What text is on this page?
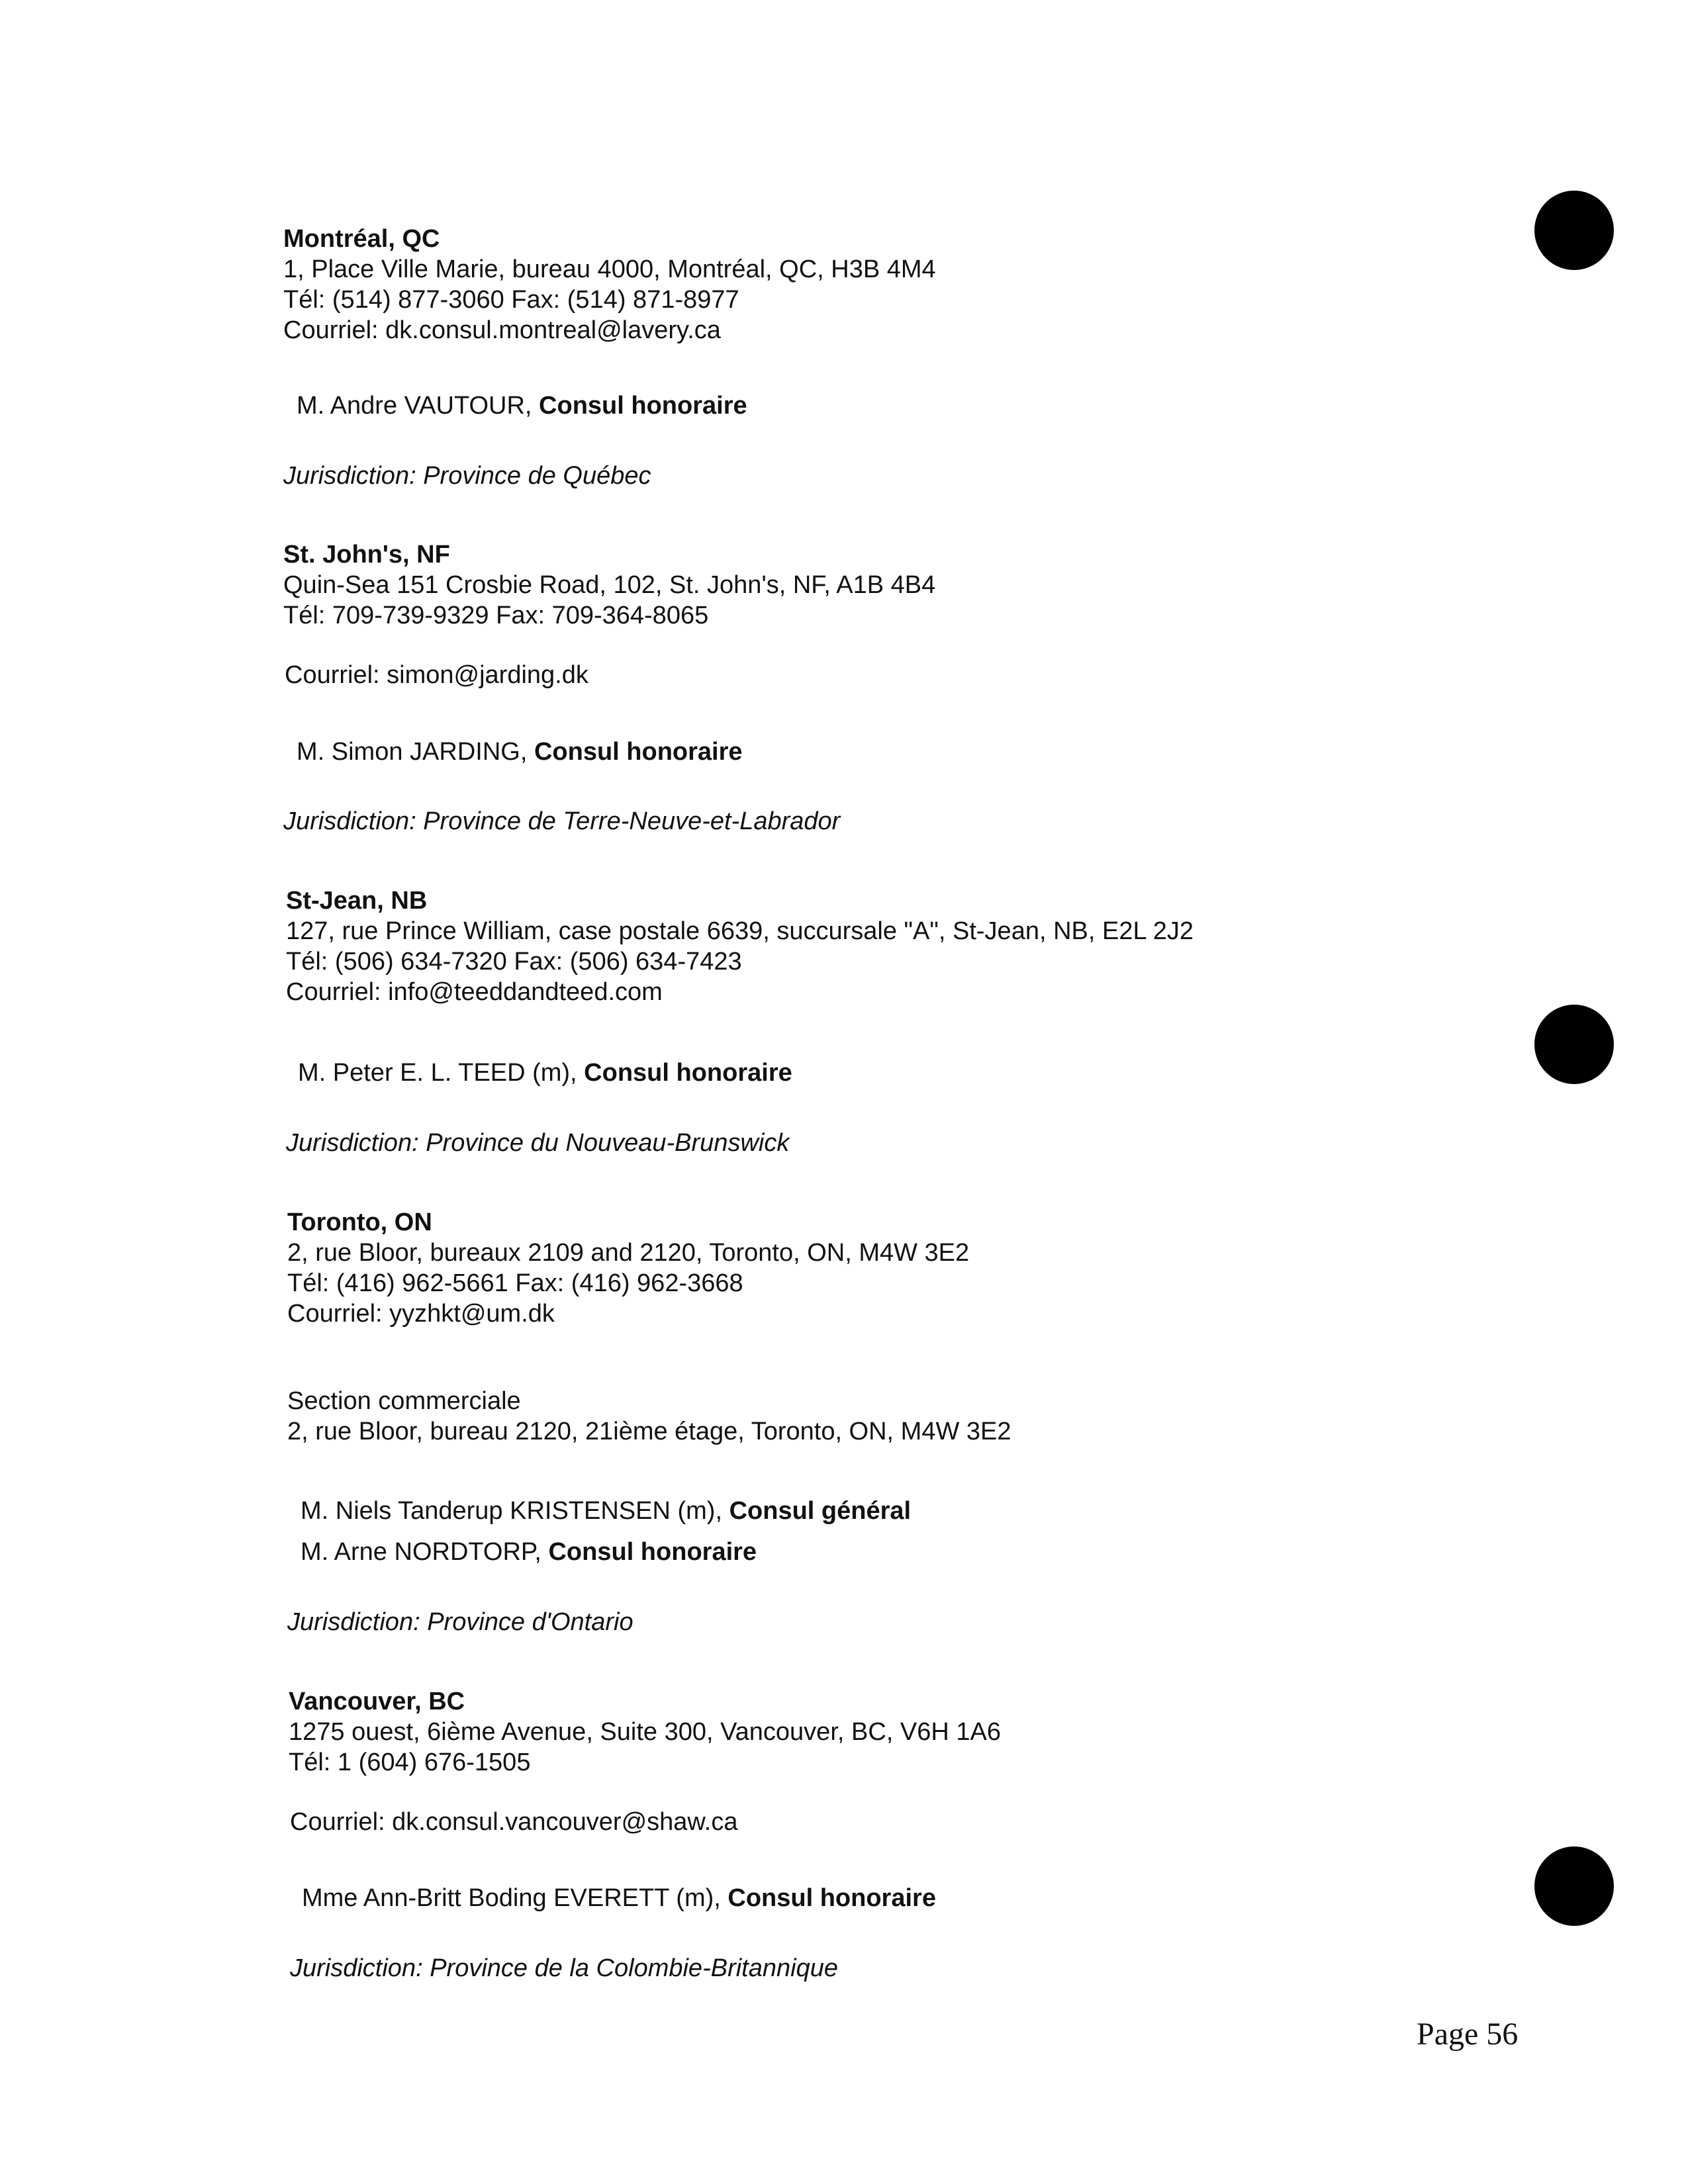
Montréal, QC
1, Place Ville Marie, bureau 4000, Montréal, QC, H3B 4M4
Tél: (514) 877-3060 Fax: (514) 871-8977
Courriel: dk.consul.montreal@lavery.ca
M. Andre VAUTOUR, Consul honoraire
Jurisdiction: Province de Québec
St. John's, NF
Quin-Sea 151 Crosbie Road, 102, St. John's, NF, A1B 4B4
Tél: 709-739-9329 Fax: 709-364-8065
Courriel: simon@jarding.dk
M. Simon JARDING, Consul honoraire
Jurisdiction: Province de Terre-Neuve-et-Labrador
St-Jean, NB
127, rue Prince William, case postale 6639, succursale "A", St-Jean, NB, E2L 2J2
Tél: (506) 634-7320 Fax: (506) 634-7423
Courriel: info@teeddandteed.com
M. Peter E. L. TEED (m), Consul honoraire
Jurisdiction: Province du Nouveau-Brunswick
Toronto, ON
2, rue Bloor, bureaux 2109 and 2120, Toronto, ON, M4W 3E2
Tél: (416) 962-5661 Fax: (416) 962-3668
Courriel: yyzhkt@um.dk
Section commerciale
2, rue Bloor, bureau 2120, 21ième étage, Toronto, ON, M4W 3E2
M. Niels Tanderup KRISTENSEN (m), Consul général
M. Arne NORDTORP, Consul honoraire
Jurisdiction: Province d'Ontario
Vancouver, BC
1275 ouest, 6ième Avenue, Suite 300, Vancouver, BC, V6H 1A6
Tél: 1 (604) 676-1505
Courriel: dk.consul.vancouver@shaw.ca
Mme Ann-Britt Boding EVERETT (m), Consul honoraire
Jurisdiction: Province de la Colombie-Britannique
Page 56
